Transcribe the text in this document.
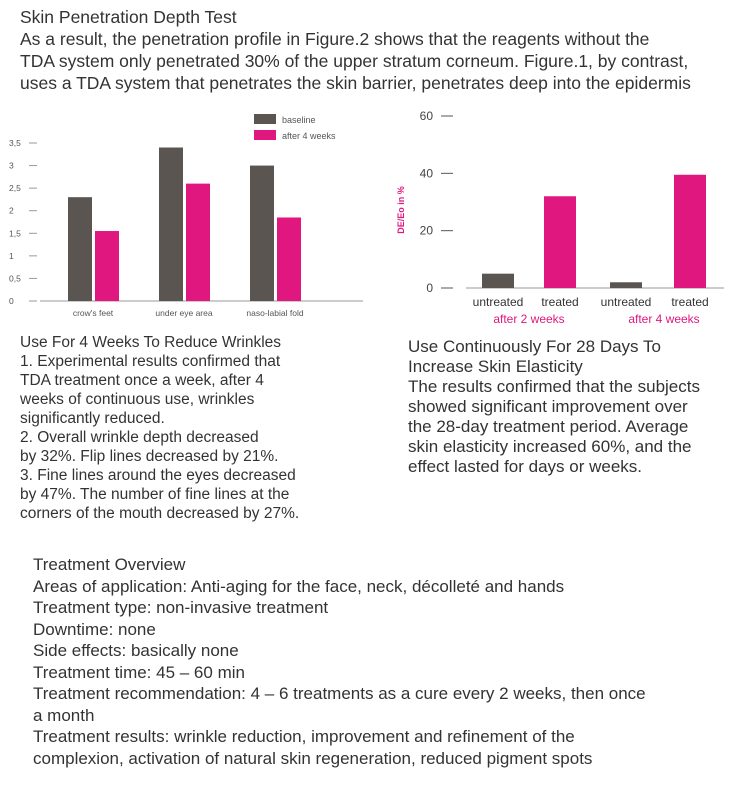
Skin Penetration Depth Test
As a result, the penetration profile in Figure.2 shows that the reagents without the
TDA system only penetrated 30% of the upper stratum corneum. Figure.1, by contrast,
uses a TDA system that penetrates the skin barrier, penetrates deep into the epidermis
0
0,5
1
1,5
2
2,5
3
3,5
crow's feet	under eye area	naso-labial fold
baseline
after 4 weeks
DE/Eo in %
0
20
40
60
untreated treated untreated treated
after 2 weeks	after 4 weeks
Use For 4 Weeks To Reduce Wrinkles
1. Experimental results confirmed that
TDA treatment once a week, after 4
weeks of continuous use, wrinkles
significantly reduced.
2. Overall wrinkle depth decreased
by 32%. Flip lines decreased by 21%.
3. Fine lines around the eyes decreased
by 47%. The number of fine lines at the
corners of the mouth decreased by 27%.
Use Continuously For 28 Days To
Increase Skin Elasticity
The results confirmed that the subjects
showed significant improvement over
the 28-day treatment period. Average
skin elasticity increased 60%, and the
effect lasted for days or weeks.
Treatment Overview
Areas of application: Anti-aging for the face, neck, décolleté and hands
Treatment type: non-invasive treatment
Downtime: none
Side effects: basically none
Treatment time: 45 – 60 min
Treatment recommendation: 4 – 6 treatments as a cure every 2 weeks, then once
a month
Treatment results: wrinkle reduction, improvement and refinement of the
complexion, activation of natural skin regeneration, reduced pigment spots
